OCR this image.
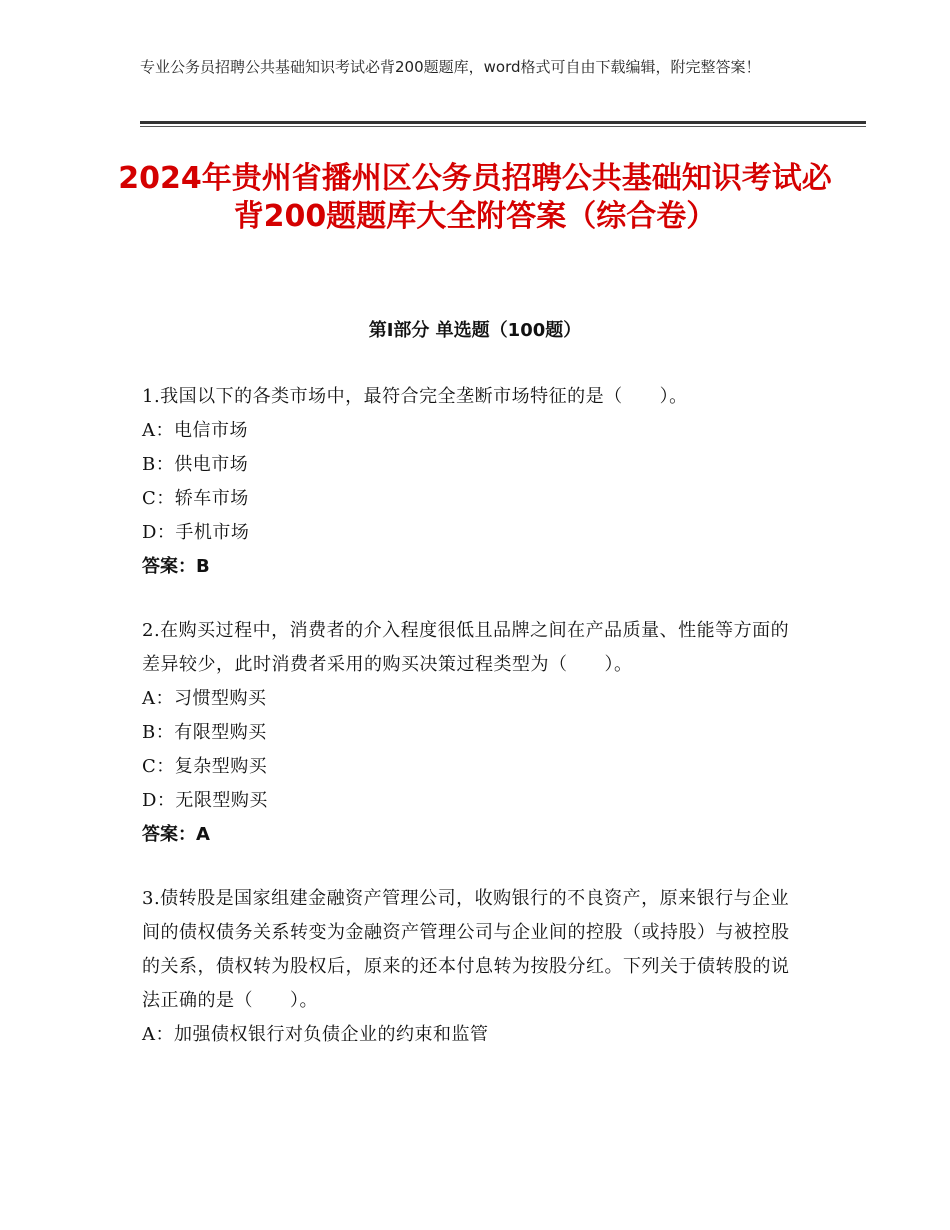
专业公务员招聘公共基础知识考试必背200题题库，word格式可自由下载编辑，附完整答案！
2024年贵州省播州区公务员招聘公共基础知识考试必背200题题库大全附答案（综合卷）
第Ⅰ部分 单选题（100题）
1.我国以下的各类市场中，最符合完全垄断市场特征的是（　　）。
A：电信市场
B：供电市场
C：轿车市场
D：手机市场
答案：B
2.在购买过程中，消费者的介入程度很低且品牌之间在产品质量、性能等方面的差异较少，此时消费者采用的购买决策过程类型为（　　）。
A：习惯型购买
B：有限型购买
C：复杂型购买
D：无限型购买
答案：A
3.债转股是国家组建金融资产管理公司，收购银行的不良资产，原来银行与企业间的债权债务关系转变为金融资产管理公司与企业间的控股（或持股）与被控股的关系，债权转为股权后，原来的还本付息转为按股分红。下列关于债转股的说法正确的是（　　）。
A：加强债权银行对负债企业的约束和监管
